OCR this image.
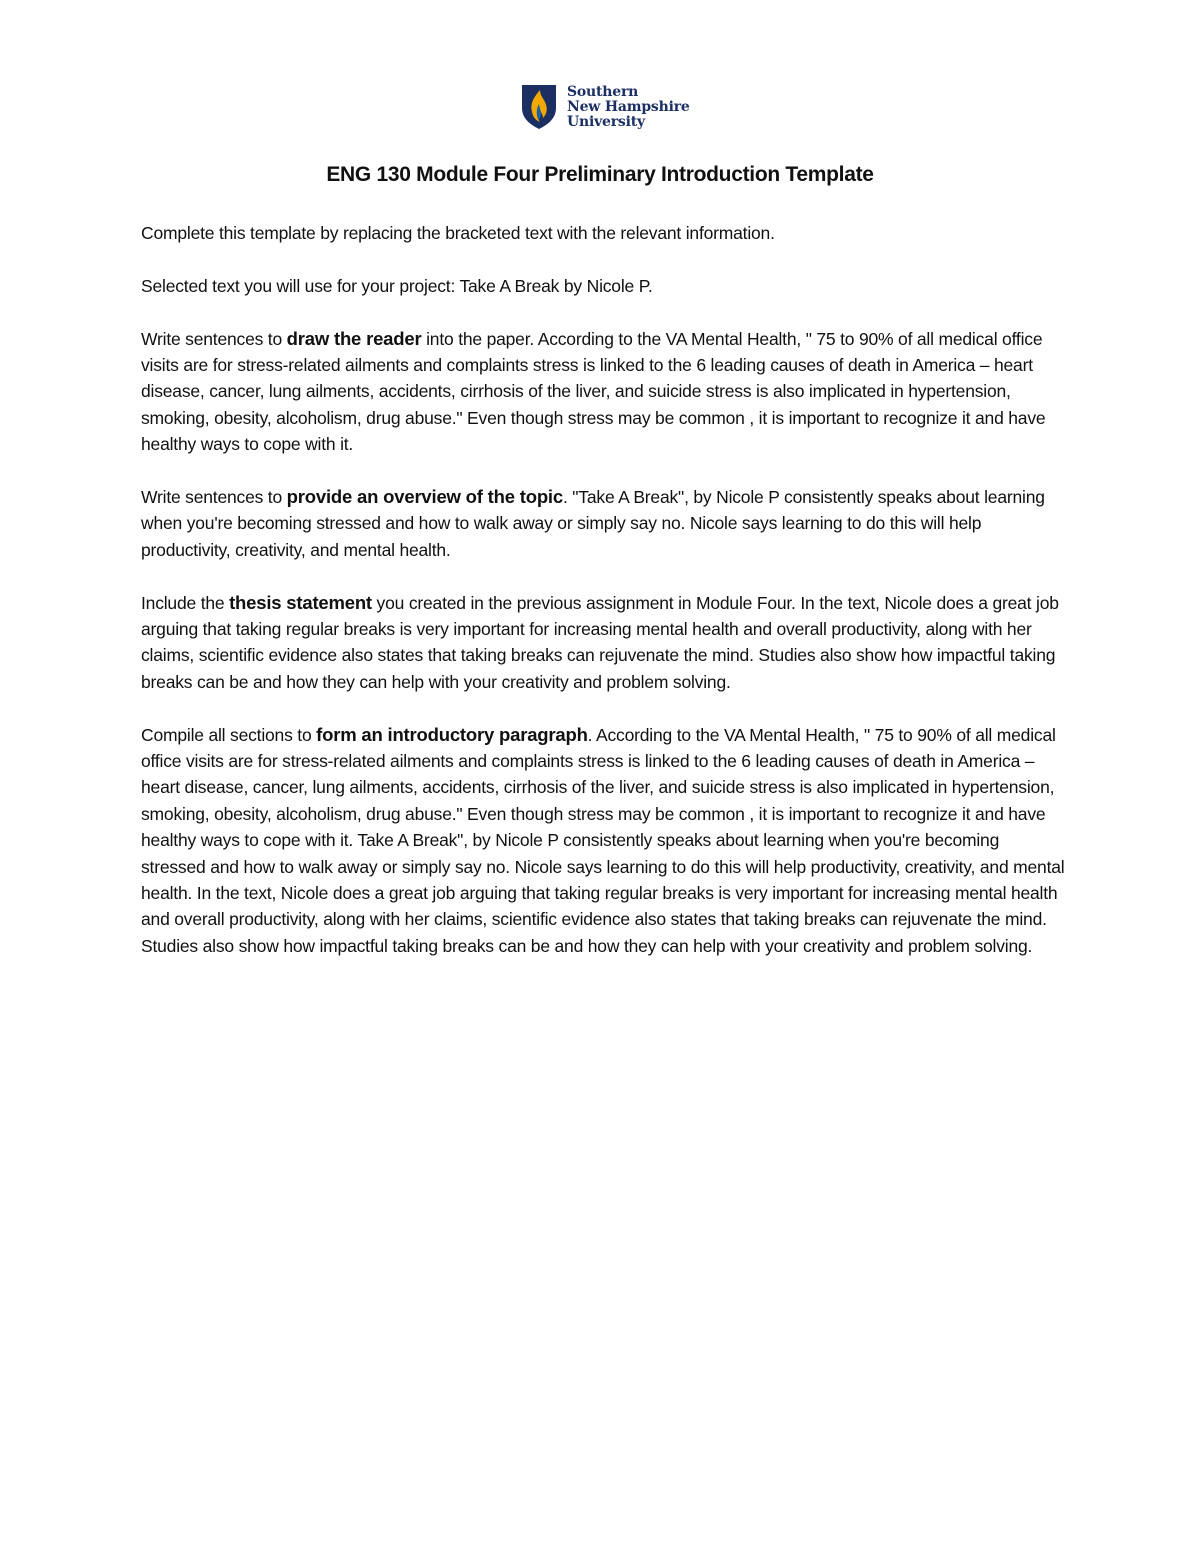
Southern
New Hampshire
University
ENG 130 Module Four Preliminary Introduction Template

Complete this template by replacing the bracketed text with the relevant information.

Selected text you will use for your project: Take A Break by Nicole P.

Write sentences to draw the reader into the paper. According to the VA Mental Health, " 75 to 90% of all medical office visits are for stress-related ailments and complaints stress is linked to the 6 leading causes of death in America – heart disease, cancer, lung ailments, accidents, cirrhosis of the liver, and suicide stress is also implicated in hypertension, smoking, obesity, alcoholism, drug abuse." Even though stress may be common , it is important to recognize it and have healthy ways to cope with it.

Write sentences to provide an overview of the topic. "Take A Break", by Nicole P consistently speaks about learning when you're becoming stressed and how to walk away or simply say no. Nicole says learning to do this will help productivity, creativity, and mental health.

Include the thesis statement you created in the previous assignment in Module Four. In the text, Nicole does a great job arguing that taking regular breaks is very important for increasing mental health and overall productivity, along with her claims, scientific evidence also states that taking breaks can rejuvenate the mind. Studies also show how impactful taking breaks can be and how they can help with your creativity and problem solving.

Compile all sections to form an introductory paragraph. According to the VA Mental Health, " 75 to 90% of all medical office visits are for stress-related ailments and complaints stress is linked to the 6 leading causes of death in America – heart disease, cancer, lung ailments, accidents, cirrhosis of the liver, and suicide stress is also implicated in hypertension, smoking, obesity, alcoholism, drug abuse." Even though stress may be common , it is important to recognize it and have healthy ways to cope with it. Take A Break", by Nicole P consistently speaks about learning when you're becoming stressed and how to walk away or simply say no. Nicole says learning to do this will help productivity, creativity, and mental health. In the text, Nicole does a great job arguing that taking regular breaks is very important for increasing mental health and overall productivity, along with her claims, scientific evidence also states that taking breaks can rejuvenate the mind. Studies also show how impactful taking breaks can be and how they can help with your creativity and problem solving.
